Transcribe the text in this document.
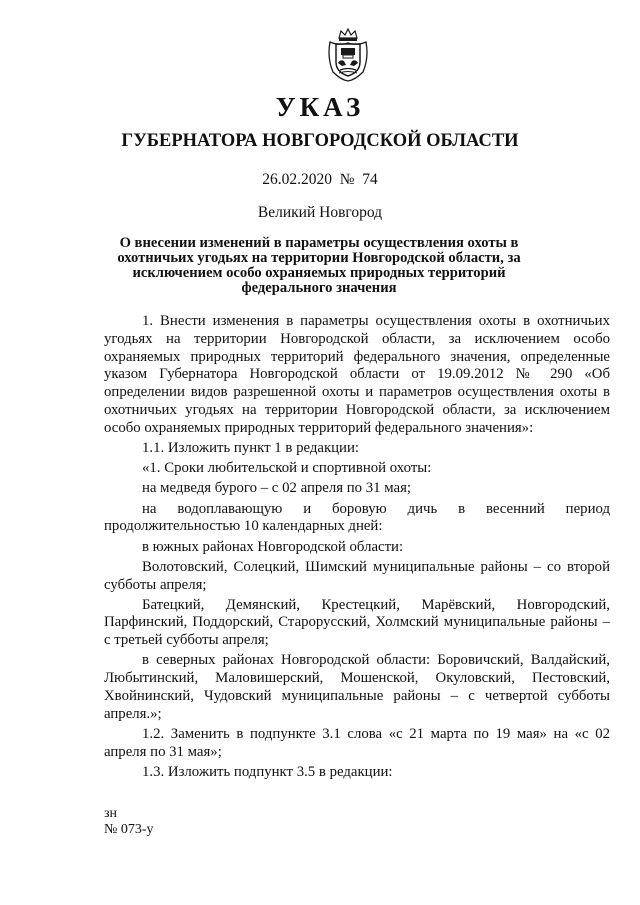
УКАЗ
ГУБЕРНАТОРА НОВГОРОДСКОЙ ОБЛАСТИ
26.02.2020  №  74
Великий Новгород
О внесении изменений в параметры осуществления охоты в охотничьих угодьях на территории Новгородской области, за исключением особо охраняемых природных территорий федерального значения

1. Внести изменения в параметры осуществления охоты в охотничьих угодьях на территории Новгородской области, за исключением особо охраняемых природных территорий федерального значения, определенные указом Губернатора Новгородской области от 19.09.2012 № 290 «Об определении видов разрешенной охоты и параметров осуществления охоты в охотничьих угодьях на территории Новгородской области, за исключением особо охраняемых природных территорий федерального значения»:

1.1. Изложить пункт 1 в редакции:

«1. Сроки любительской и спортивной охоты:

на медведя бурого – с 02 апреля по 31 мая;

на водоплавающую и боровую дичь в весенний период продолжительностью 10 календарных дней:

в южных районах Новгородской области:

Волотовский, Солецкий, Шимский муниципальные районы – со второй субботы апреля;

Батецкий, Демянский, Крестецкий, Марёвский, Новгородский, Парфинский, Поддорский, Старорусский, Холмский муниципальные районы – с третьей субботы апреля;

в северных районах Новгородской области: Боровичский, Валдайский, Любытинский, Маловишерский, Мошенской, Окуловский, Пестовский, Хвойнинский, Чудовский муниципальные районы – с четвертой субботы апреля.»;

1.2. Заменить в подпункте 3.1 слова «с 21 марта по 19 мая» на «с 02 апреля по 31 мая»;

1.3. Изложить подпункт 3.5 в редакции:

зн
№ 073-у
